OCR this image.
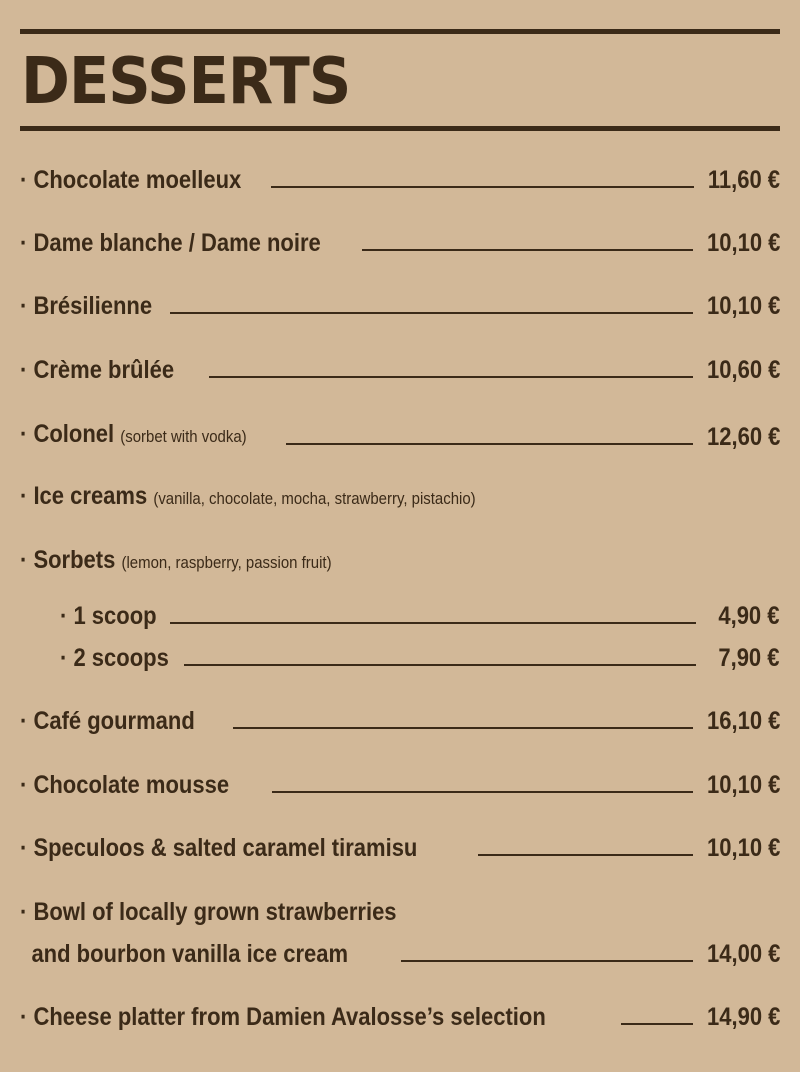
DESSERTS
· Chocolate moelleux	11,60 €
· Dame blanche / Dame noire	10,10 €
· Brésilienne	10,10 €
· Crème brûlée	10,60 €
· Colonel (sorbet with vodka)	12,60 €
· Ice creams (vanilla, chocolate, mocha, strawberry, pistachio)
· Sorbets (lemon, raspberry, passion fruit)
· 1 scoop	4,90 €
· 2 scoops	7,90 €
· Café gourmand	16,10 €
· Chocolate mousse	10,10 €
· Speculoos & salted caramel tiramisu	10,10 €
· Bowl of locally grown strawberries
and bourbon vanilla ice cream	14,00 €
· Cheese platter from Damien Avalosse’s selection	14,90 €
